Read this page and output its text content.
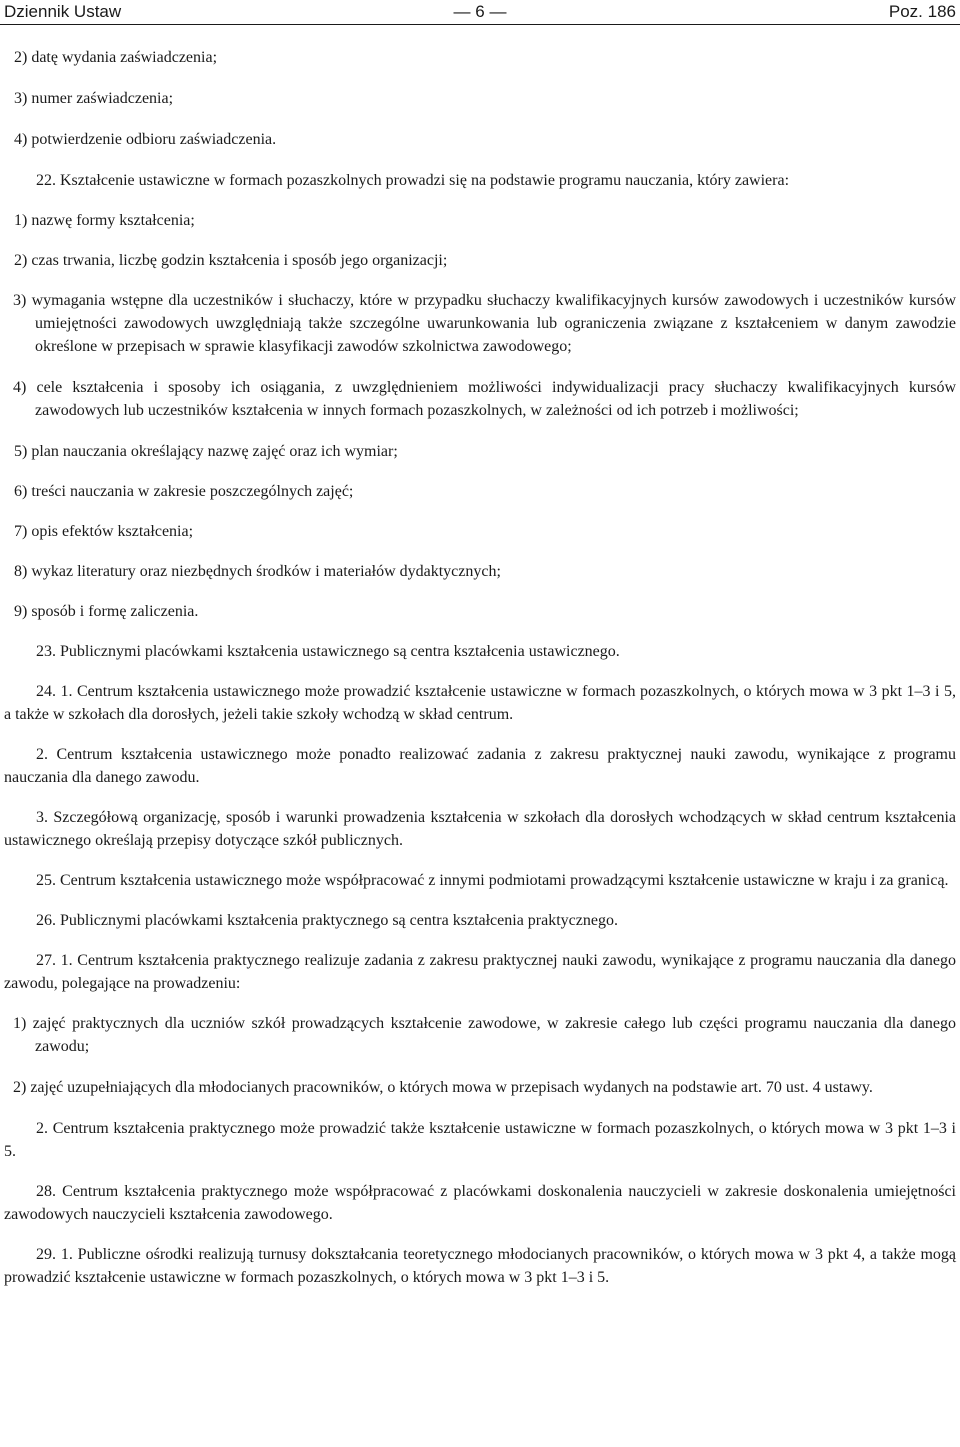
Dziennik Ustaw	— 6 —	Poz. 186

2) datę wydania zaświadczenia;

3) numer zaświadczenia;

4) potwierdzenie odbioru zaświadczenia.

22. Kształcenie ustawiczne w formach pozaszkolnych prowadzi się na podstawie programu nauczania, który zawiera:

1) nazwę formy kształcenia;

2) czas trwania, liczbę godzin kształcenia i sposób jego organizacji;

3) wymagania wstępne dla uczestników i słuchaczy, które w przypadku słuchaczy kwalifikacyjnych kursów zawodowych i uczestników kursów umiejętności zawodowych uwzględniają także szczególne uwarunkowania lub ograniczenia związane z kształceniem w danym zawodzie określone w przepisach w sprawie klasyfikacji zawodów szkolnictwa zawodowego;

4) cele kształcenia i sposoby ich osiągania, z uwzględnieniem możliwości indywidualizacji pracy słuchaczy kwalifikacyjnych kursów zawodowych lub uczestników kształcenia w innych formach pozaszkolnych, w zależności od ich potrzeb i możliwości;

5) plan nauczania określający nazwę zajęć oraz ich wymiar;

6) treści nauczania w zakresie poszczególnych zajęć;

7) opis efektów kształcenia;

8) wykaz literatury oraz niezbędnych środków i materiałów dydaktycznych;

9) sposób i formę zaliczenia.

23. Publicznymi placówkami kształcenia ustawicznego są centra kształcenia ustawicznego.

24. 1. Centrum kształcenia ustawicznego może prowadzić kształcenie ustawiczne w formach pozaszkolnych, o których mowa w 3 pkt 1–3 i 5, a także w szkołach dla dorosłych, jeżeli takie szkoły wchodzą w skład centrum.

2. Centrum kształcenia ustawicznego może ponadto realizować zadania z zakresu praktycznej nauki zawodu, wynikające z programu nauczania dla danego zawodu.

3. Szczegółową organizację, sposób i warunki prowadzenia kształcenia w szkołach dla dorosłych wchodzących w skład centrum kształcenia ustawicznego określają przepisy dotyczące szkół publicznych.

25. Centrum kształcenia ustawicznego może współpracować z innymi podmiotami prowadzącymi kształcenie ustawiczne w kraju i za granicą.

26. Publicznymi placówkami kształcenia praktycznego są centra kształcenia praktycznego.

27. 1. Centrum kształcenia praktycznego realizuje zadania z zakresu praktycznej nauki zawodu, wynikające z programu nauczania dla danego zawodu, polegające na prowadzeniu:

1) zajęć praktycznych dla uczniów szkół prowadzących kształcenie zawodowe, w zakresie całego lub części programu nauczania dla danego zawodu;

2) zajęć uzupełniających dla młodocianych pracowników, o których mowa w przepisach wydanych na podstawie art. 70 ust. 4 ustawy.

2. Centrum kształcenia praktycznego może prowadzić także kształcenie ustawiczne w formach pozaszkolnych, o których mowa w 3 pkt 1–3 i 5.

28. Centrum kształcenia praktycznego może współpracować z placówkami doskonalenia nauczycieli w zakresie doskonalenia umiejętności zawodowych nauczycieli kształcenia zawodowego.

29. 1. Publiczne ośrodki realizują turnusy dokształcania teoretycznego młodocianych pracowników, o których mowa w 3 pkt 4, a także mogą prowadzić kształcenie ustawiczne w formach pozaszkolnych, o których mowa w 3 pkt 1–3 i 5.
